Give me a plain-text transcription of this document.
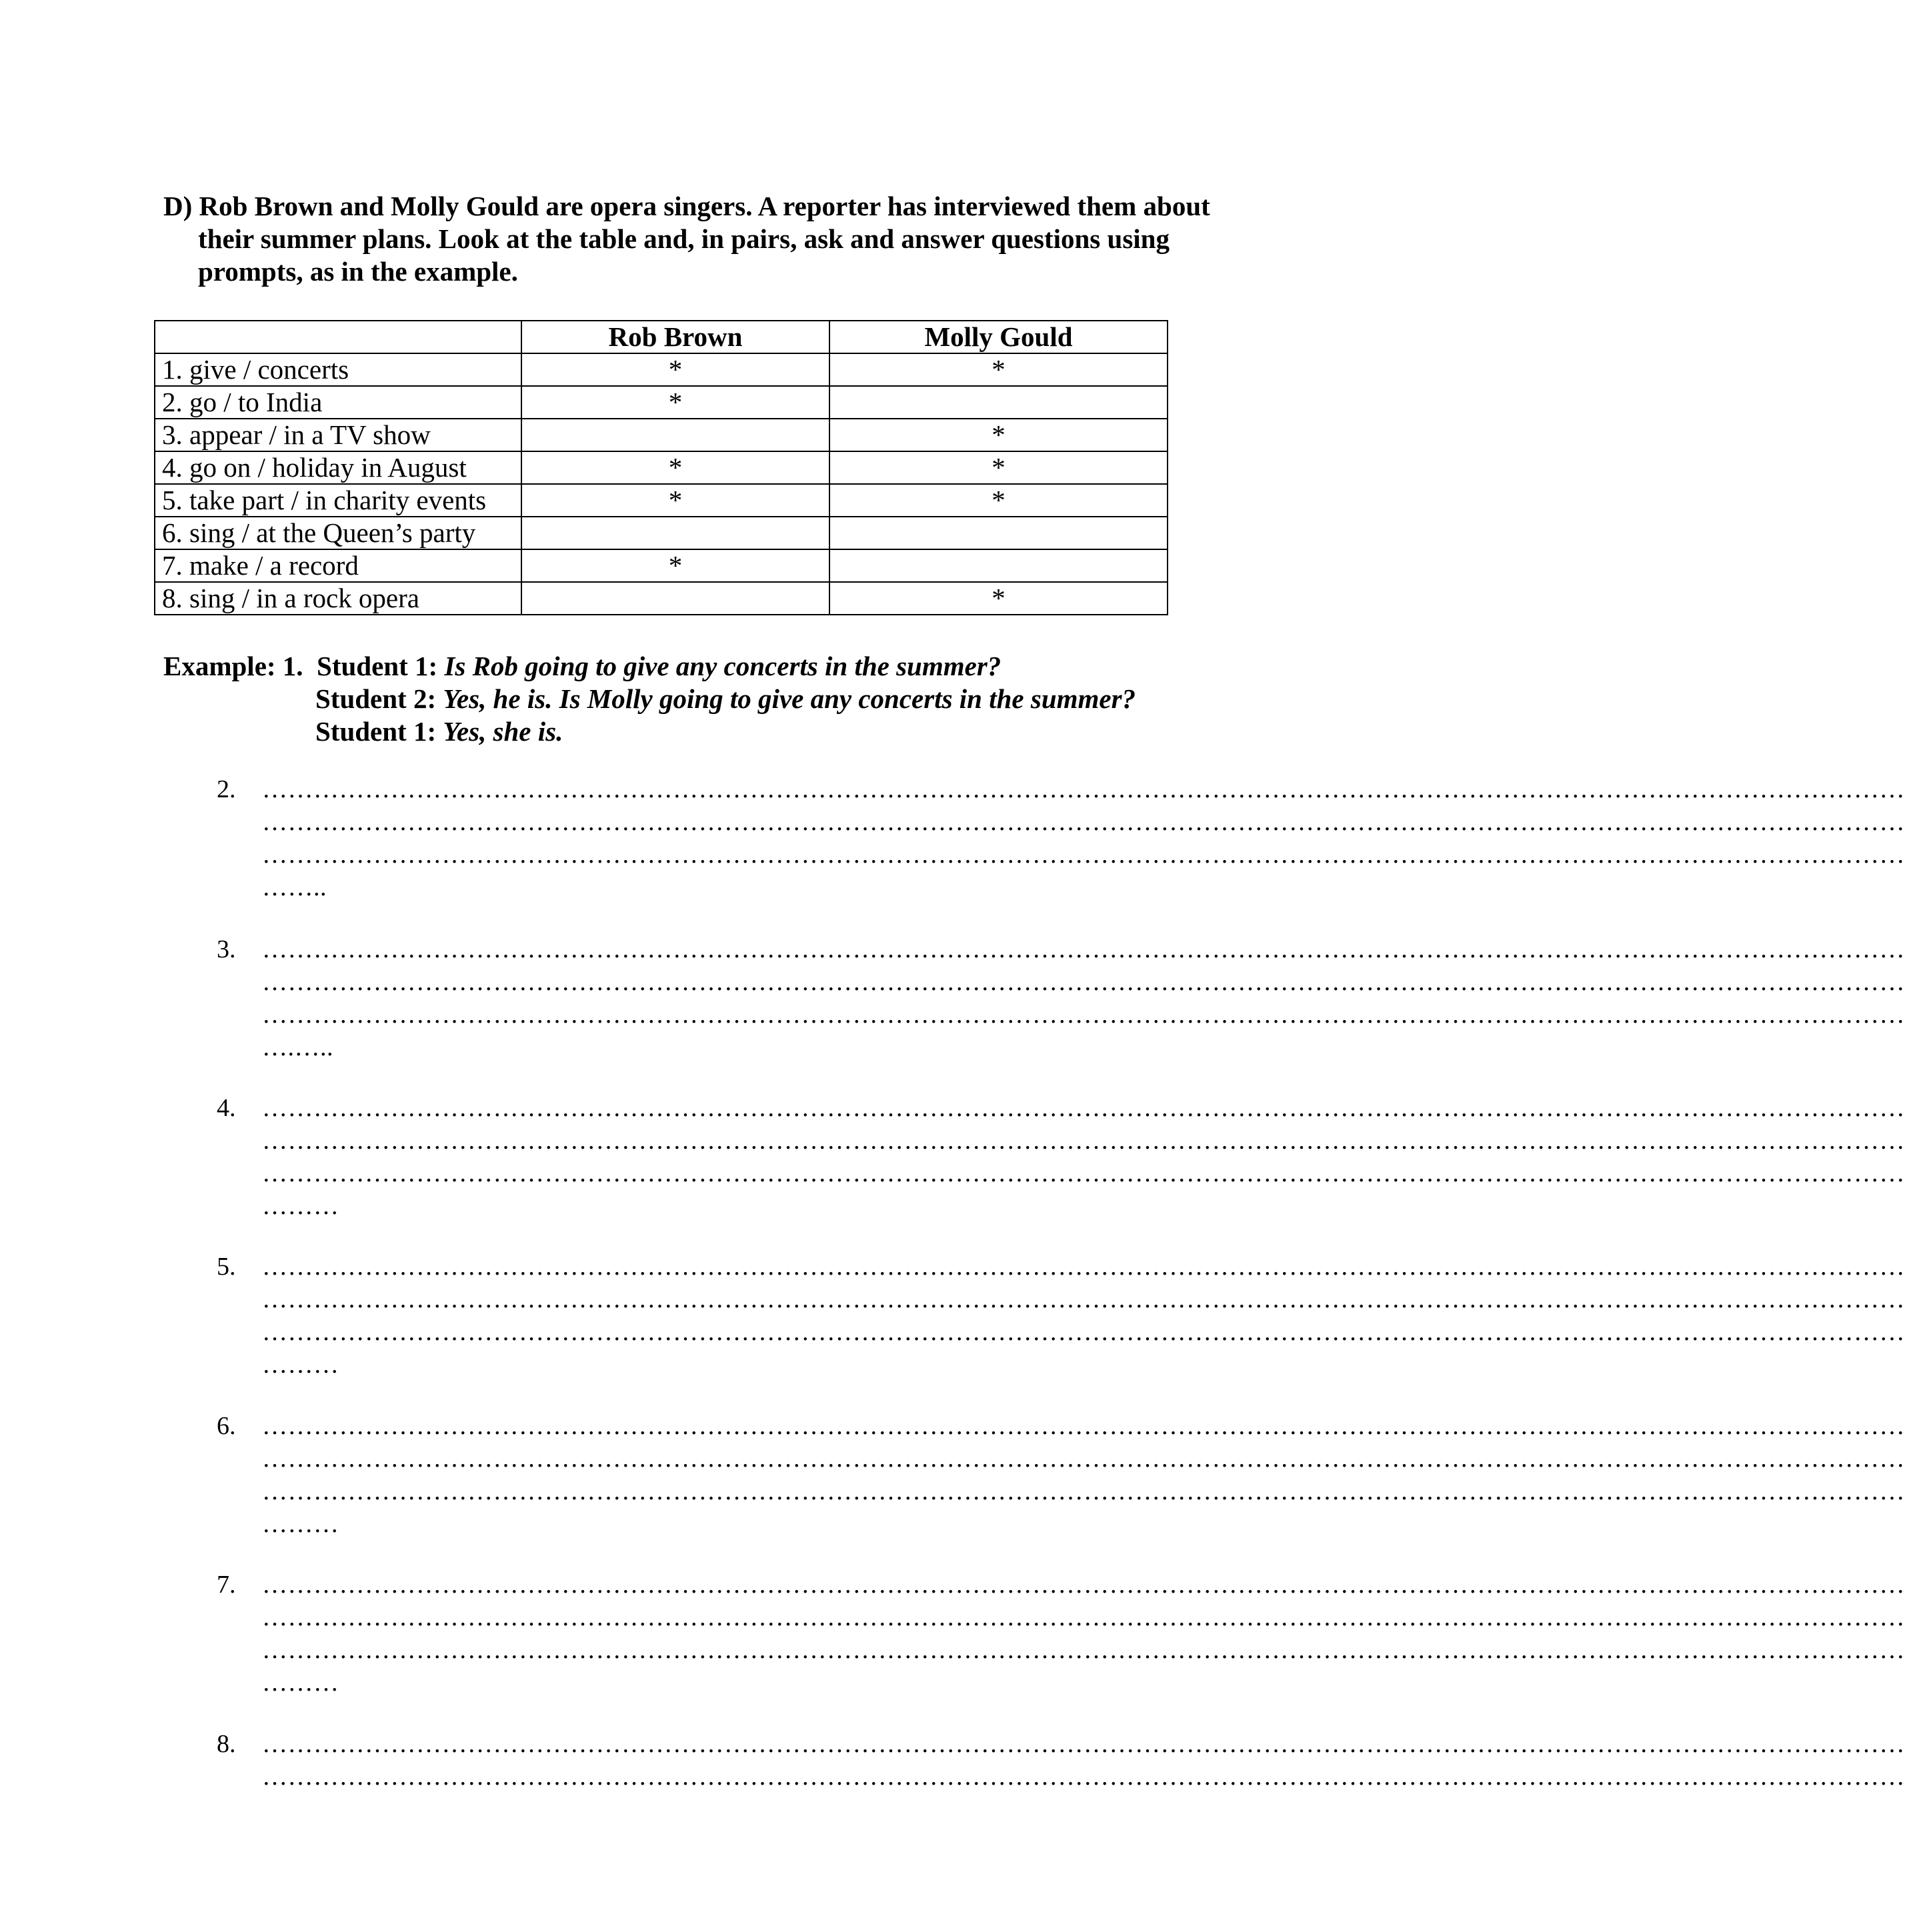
D) Rob Brown and Molly Gould are opera singers. A reporter has interviewed them about
their summer plans. Look at the table and, in pairs, ask and answer questions using
prompts, as in the example.
	Rob Brown	Molly Gould
1. give / concerts	*	*
2. go / to India	*	
3. appear / in a TV show		*
4. go on / holiday in August	*	*
5. take part / in charity events	*	*
6. sing / at the Queen’s party		
7. make / a record	*	
8. sing / in a rock opera		*
Example: 1. Student 1: Is Rob going to give any concerts in the summer?
Student 2: Yes, he is. Is Molly going to give any concerts in the summer?
Student 1: Yes, she is.
2. …………………………………………………………………………………………………………………………………………………………………………
…………………………………………………………………………………………………………………………………………………………………………
…………………………………………………………………………………………………………………………………………………………………………
……..
3. …………………………………………………………………………………………………………………………………………………………………………
…………………………………………………………………………………………………………………………………………………………………………
…………………………………………………………………………………………………………………………………………………………………………
….…..
4. …………………………………………………………………………………………………………………………………………………………………………
…………………………………………………………………………………………………………………………………………………………………………
…………………………………………………………………………………………………………………………………………………………………………
………
5. …………………………………………………………………………………………………………………………………………………………………………
…………………………………………………………………………………………………………………………………………………………………………
…………………………………………………………………………………………………………………………………………………………………………
………
6. …………………………………………………………………………………………………………………………………………………………………………
…………………………………………………………………………………………………………………………………………………………………………
…………………………………………………………………………………………………………………………………………………………………………
………
7. …………………………………………………………………………………………………………………………………………………………………………
…………………………………………………………………………………………………………………………………………………………………………
…………………………………………………………………………………………………………………………………………………………………………
………
8. …………………………………………………………………………………………………………………………………………………………………………
…………………………………………………………………………………………………………………………………………………………………………
